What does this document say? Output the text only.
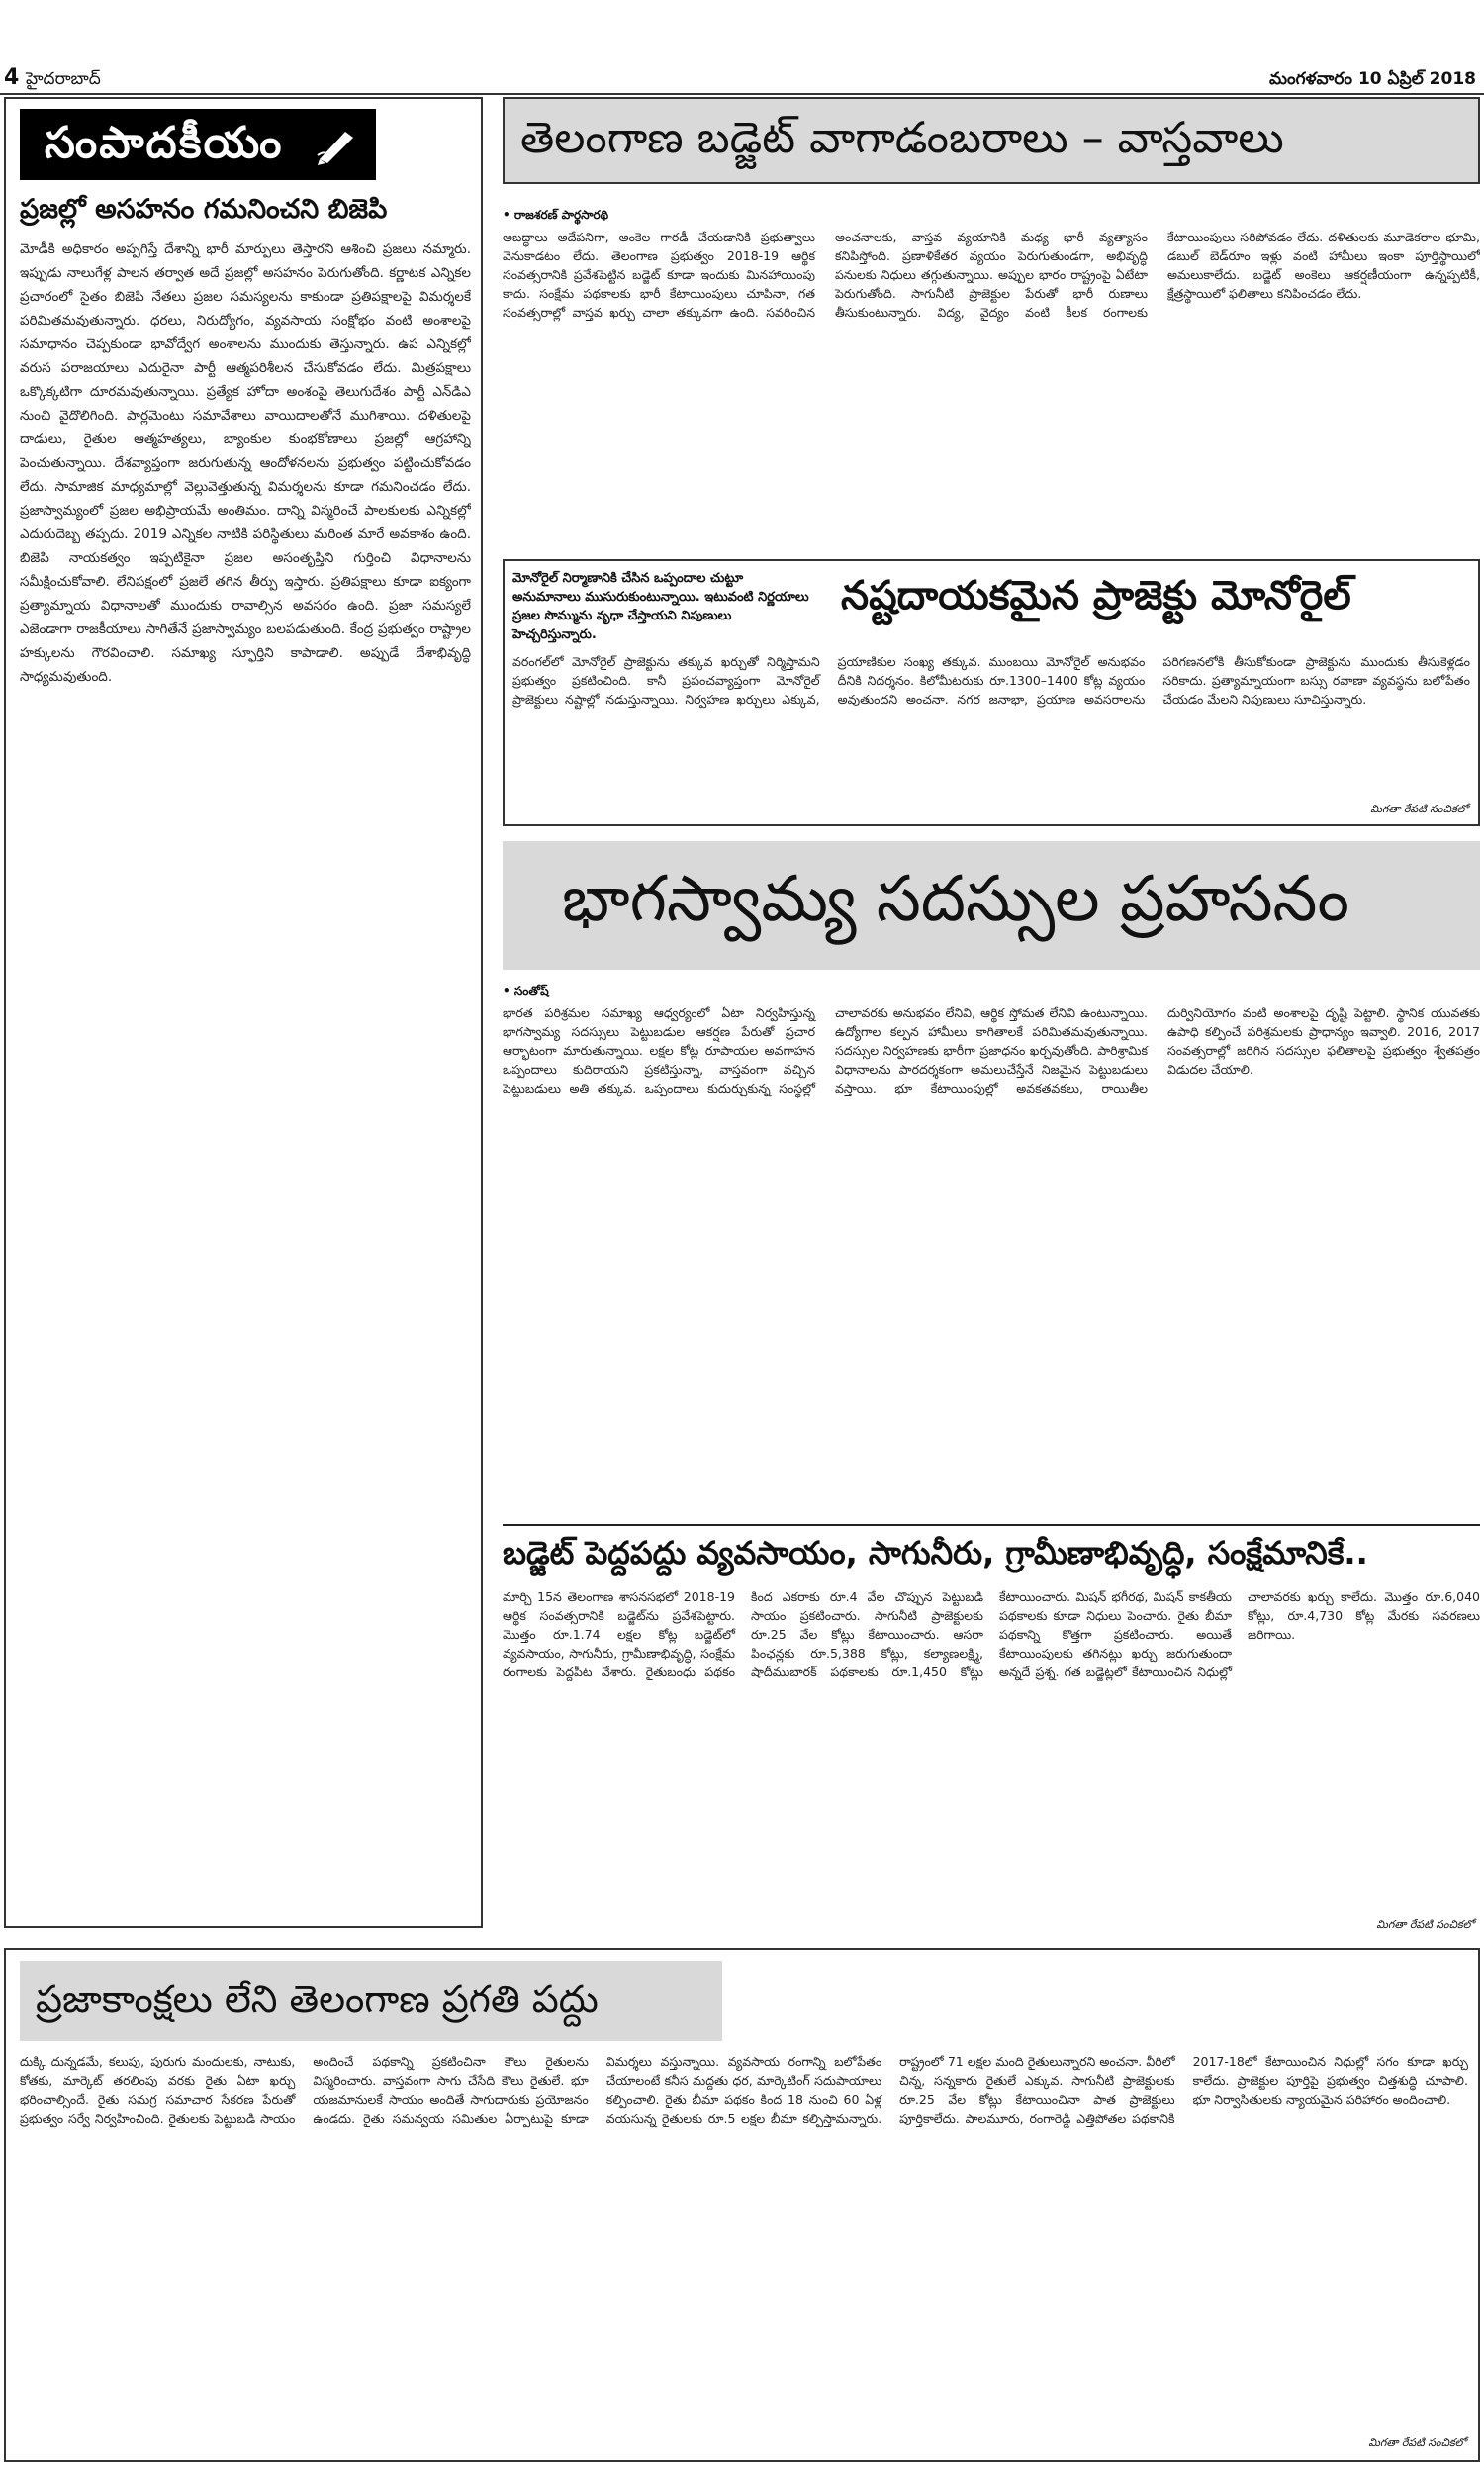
4 హైదరాబాద్	మంగళవారం 10 ఏప్రిల్ 2018
సంపాదకీయం
ప్రజల్లో అసహనం గమనించని బిజెపి
మోడీకి అధికారం అప్పగిస్తే దేశాన్ని భారీ మార్పులు తెస్తారని ఆశించి ప్రజలు నమ్మారు. ఇప్పుడు నాలుగేళ్ల పాలన తర్వాత అదే ప్రజల్లో అసహనం పెరుగుతోంది. కర్ణాటక ఎన్నికల ప్రచారంలో సైతం బిజెపి నేతలు ప్రజల సమస్యలను కాకుండా ప్రతిపక్షాలపై విమర్శలకే పరిమితమవుతున్నారు. ధరలు, నిరుద్యోగం, వ్యవసాయ సంక్షోభం వంటి అంశాలపై సమాధానం చెప్పకుండా భావోద్వేగ అంశాలను ముందుకు తెస్తున్నారు. ఉప ఎన్నికల్లో వరుస పరాజయాలు ఎదురైనా పార్టీ ఆత్మపరిశీలన చేసుకోవడం లేదు. మిత్రపక్షాలు ఒక్కొక్కటిగా దూరమవుతున్నాయి. ప్రత్యేక హోదా అంశంపై తెలుగుదేశం పార్టీ ఎన్‌డిఎ నుంచి వైదొలిగింది. పార్లమెంటు సమావేశాలు వాయిదాలతోనే ముగిశాయి. దళితులపై దాడులు, రైతుల ఆత్మహత్యలు, బ్యాంకుల కుంభకోణాలు ప్రజల్లో ఆగ్రహాన్ని పెంచుతున్నాయి. దేశవ్యాప్తంగా జరుగుతున్న ఆందోళనలను ప్రభుత్వం పట్టించుకోవడం లేదు. సామాజిక మాధ్యమాల్లో వెల్లువెత్తుతున్న విమర్శలను కూడా గమనించడం లేదు. ప్రజాస్వామ్యంలో ప్రజల అభిప్రాయమే అంతిమం. దాన్ని విస్మరించే పాలకులకు ఎన్నికల్లో ఎదురుదెబ్బ తప్పదు. 2019 ఎన్నికల నాటికి పరిస్థితులు మరింత మారే అవకాశం ఉంది. బిజెపి నాయకత్వం ఇప్పటికైనా ప్రజల అసంతృప్తిని గుర్తించి విధానాలను సమీక్షించుకోవాలి. లేనిపక్షంలో ప్రజలే తగిన తీర్పు ఇస్తారు. ప్రతిపక్షాలు కూడా ఐక్యంగా ప్రత్యామ్నాయ విధానాలతో ముందుకు రావాల్సిన అవసరం ఉంది. ప్రజా సమస్యలే ఎజెండాగా రాజకీయాలు సాగితేనే ప్రజాస్వామ్యం బలపడుతుంది. కేంద్ర ప్రభుత్వం రాష్ట్రాల హక్కులను గౌరవించాలి. సమాఖ్య స్ఫూర్తిని కాపాడాలి. అప్పుడే దేశాభివృద్ధి సాధ్యమవుతుంది.
తెలంగాణ బడ్జెట్ వాగాడంబరాలు – వాస్తవాలు
• రాజశరణ్ పార్థసారథి
అబద్ధాలు అదేపనిగా, అంకెల గారడీ చేయడానికి ప్రభుత్వాలు వెనుకాడటం లేదు. తెలంగాణ ప్రభుత్వం 2018-19 ఆర్థిక సంవత్సరానికి ప్రవేశపెట్టిన బడ్జెట్ కూడా ఇందుకు మినహాయింపు కాదు. సంక్షేమ పథకాలకు భారీ కేటాయింపులు చూపినా, గత సంవత్సరాల్లో వాస్తవ ఖర్చు చాలా తక్కువగా ఉంది. సవరించిన అంచనాలకు, వాస్తవ వ్యయానికి మధ్య భారీ వ్యత్యాసం కనిపిస్తోంది. ప్రణాళికేతర వ్యయం పెరుగుతుండగా, అభివృద్ధి పనులకు నిధులు తగ్గుతున్నాయి. అప్పుల భారం రాష్ట్రంపై ఏటేటా పెరుగుతోంది. సాగునీటి ప్రాజెక్టుల పేరుతో భారీ రుణాలు తీసుకుంటున్నారు. విద్య, వైద్యం వంటి కీలక రంగాలకు కేటాయింపులు సరిపోవడం లేదు. దళితులకు మూడెకరాల భూమి, డబుల్ బెడ్‌రూం ఇళ్లు వంటి హామీలు ఇంకా పూర్తిస్థాయిలో అమలుకాలేదు. బడ్జెట్ అంకెలు ఆకర్షణీయంగా ఉన్నప్పటికీ, క్షేత్రస్థాయిలో ఫలితాలు కనిపించడం లేదు.
మోనోరైల్ నిర్మాణానికి చేసిన ఒప్పందాల చుట్టూ అనుమానాలు ముసురుకుంటున్నాయి. ఇటువంటి నిర్ణయాలు ప్రజల సొమ్మును వృధా చేస్తాయని నిపుణులు హెచ్చరిస్తున్నారు.
నష్టదాయకమైన ప్రాజెక్టు మోనోరైల్
వరంగల్‌లో మోనోరైల్ ప్రాజెక్టును తక్కువ ఖర్చుతో నిర్మిస్తామని ప్రభుత్వం ప్రకటించింది. కానీ ప్రపంచవ్యాప్తంగా మోనోరైల్ ప్రాజెక్టులు నష్టాల్లో నడుస్తున్నాయి. నిర్వహణ ఖర్చులు ఎక్కువ, ప్రయాణికుల సంఖ్య తక్కువ. ముంబయి మోనోరైల్ అనుభవం దీనికి నిదర్శనం. కిలోమీటరుకు రూ.1300–1400 కోట్ల వ్యయం అవుతుందని అంచనా. నగర జనాభా, ప్రయాణ అవసరాలను పరిగణనలోకి తీసుకోకుండా ప్రాజెక్టును ముందుకు తీసుకెళ్లడం సరికాదు. ప్రత్యామ్నాయంగా బస్సు రవాణా వ్యవస్థను బలోపేతం చేయడం మేలని నిపుణులు సూచిస్తున్నారు.
మిగతా రేపటి సంచికలో
భాగస్వామ్య సదస్సుల ప్రహసనం
• సంతోష్
భారత పరిశ్రమల సమాఖ్య ఆధ్వర్యంలో ఏటా నిర్వహిస్తున్న భాగస్వామ్య సదస్సులు పెట్టుబడుల ఆకర్షణ పేరుతో ప్రచార ఆర్భాటంగా మారుతున్నాయి. లక్షల కోట్ల రూపాయల అవగాహన ఒప్పందాలు కుదిరాయని ప్రకటిస్తున్నా, వాస్తవంగా వచ్చిన పెట్టుబడులు అతి తక్కువ. ఒప్పందాలు కుదుర్చుకున్న సంస్థల్లో చాలావరకు అనుభవం లేనివి, ఆర్థిక స్తోమత లేనివి ఉంటున్నాయి. ఉద్యోగాల కల్పన హామీలు కాగితాలకే పరిమితమవుతున్నాయి. సదస్సుల నిర్వహణకు భారీగా ప్రజాధనం ఖర్చవుతోంది. పారిశ్రామిక విధానాలను పారదర్శకంగా అమలుచేస్తేనే నిజమైన పెట్టుబడులు వస్తాయి. భూ కేటాయింపుల్లో అవకతవకలు, రాయితీల దుర్వినియోగం వంటి అంశాలపై దృష్టి పెట్టాలి. స్థానిక యువతకు ఉపాధి కల్పించే పరిశ్రమలకు ప్రాధాన్యం ఇవ్వాలి. 2016, 2017 సంవత్సరాల్లో జరిగిన సదస్సుల ఫలితాలపై ప్రభుత్వం శ్వేతపత్రం విడుదల చేయాలి.
బడ్జెట్ పెద్దపద్దు వ్యవసాయం, సాగునీరు, గ్రామీణాభివృద్ధి, సంక్షేమానికే..
మార్చి 15న తెలంగాణ శాసనసభలో 2018-19 ఆర్థిక సంవత్సరానికి బడ్జెట్‌ను ప్రవేశపెట్టారు. మొత్తం రూ.1.74 లక్షల కోట్ల బడ్జెట్‌లో వ్యవసాయం, సాగునీరు, గ్రామీణాభివృద్ధి, సంక్షేమ రంగాలకు పెద్దపీట వేశారు. రైతుబంధు పథకం కింద ఎకరాకు రూ.4 వేల చొప్పున పెట్టుబడి సాయం ప్రకటించారు. సాగునీటి ప్రాజెక్టులకు రూ.25 వేల కోట్లు కేటాయించారు. ఆసరా పింఛన్లకు రూ.5,388 కోట్లు, కల్యాణలక్ష్మి, షాదీముబారక్ పథకాలకు రూ.1,450 కోట్లు కేటాయించారు. మిషన్ భగీరథ, మిషన్ కాకతీయ పథకాలకు కూడా నిధులు పెంచారు. రైతు బీమా పథకాన్ని కొత్తగా ప్రకటించారు. అయితే కేటాయింపులకు తగినట్లు ఖర్చు జరుగుతుందా అన్నదే ప్రశ్న. గత బడ్జెట్లలో కేటాయించిన నిధుల్లో చాలావరకు ఖర్చు కాలేదు. మొత్తం రూ.6,040 కోట్లు, రూ.4,730 కోట్ల మేరకు సవరణలు జరిగాయి.
మిగతా రేపటి సంచికలో
ప్రజాకాంక్షలు లేని తెలంగాణ ప్రగతి పద్దు
దుక్కి దున్నడమే, కలుపు, పురుగు మందులకు, నాటుకు, కోతకు, మార్కెట్ తరలింపు వరకు రైతు ఏటా ఖర్చు భరించాల్సిందే. రైతు సమగ్ర సమాచార సేకరణ పేరుతో ప్రభుత్వం సర్వే నిర్వహించింది. రైతులకు పెట్టుబడి సాయం అందించే పథకాన్ని ప్రకటించినా కౌలు రైతులను విస్మరించారు. వాస్తవంగా సాగు చేసేది కౌలు రైతులే. భూ యజమానులకే సాయం అందితే సాగుదారుకు ప్రయోజనం ఉండదు. రైతు సమన్వయ సమితుల ఏర్పాటుపై కూడా విమర్శలు వస్తున్నాయి. వ్యవసాయ రంగాన్ని బలోపేతం చేయాలంటే కనీస మద్దతు ధర, మార్కెటింగ్ సదుపాయాలు కల్పించాలి. రైతు బీమా పథకం కింద 18 నుంచి 60 ఏళ్ల వయసున్న రైతులకు రూ.5 లక్షల బీమా కల్పిస్తామన్నారు. రాష్ట్రంలో 71 లక్షల మంది రైతులున్నారని అంచనా. వీరిలో చిన్న, సన్నకారు రైతులే ఎక్కువ. సాగునీటి ప్రాజెక్టులకు రూ.25 వేల కోట్లు కేటాయించినా పాత ప్రాజెక్టులు పూర్తికాలేదు. పాలమూరు, రంగారెడ్డి ఎత్తిపోతల పథకానికి 2017-18లో కేటాయించిన నిధుల్లో సగం కూడా ఖర్చు కాలేదు. ప్రాజెక్టుల పూర్తిపై ప్రభుత్వం చిత్తశుద్ధి చూపాలి. భూ నిర్వాసితులకు న్యాయమైన పరిహారం అందించాలి.
మిగతా రేపటి సంచికలో
